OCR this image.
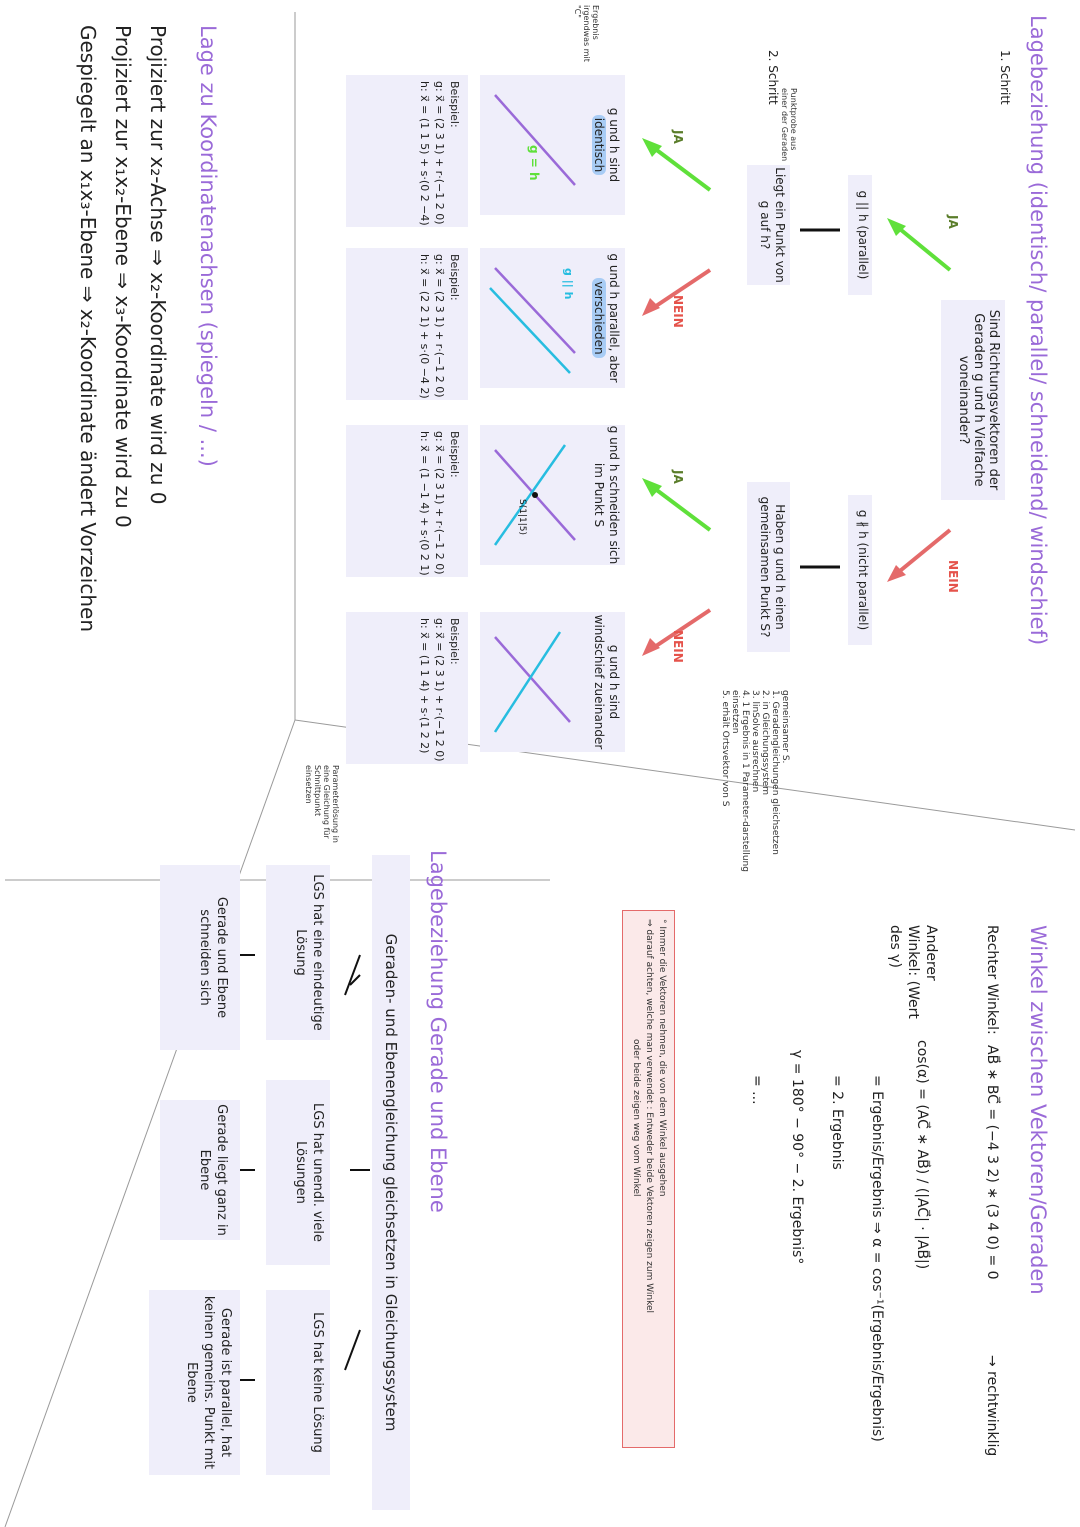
Lagebeziehung (identisch/ parallel/ schneidend/ windschief)
1. Schritt
2. Schritt
Sind Richtungsvektoren der Geraden g und h Vielfache voneinander?
JA
NEIN
g || h (parallel)
g ∦ h (nicht parallel)
Punktprobe aus einer der Geraden
Liegt ein Punkt von g auf h?
Haben g und h einen gemeinsamen Punkt S?
JA
NEIN
JA
NEIN
Ergebnis irgendwas mit "C"
gemeinsamer S.
1. Geradengleichungen gleichsetzen
2. in Gleichungssystem
3. linSolve ausrechnen
4. 1 Ergebnis in 1 Parameter-darstellung einsetzen
5. erhält Ortsvektor von S
g und h sind
identisch
g = h
g und h parallel, aber
verschieden
g || h
g und h schneiden sich im Punkt S
S(1|1|5)
g und h sind windschief zueinander
Beispiel:
g: x⃗ = (2 3 1) + r·(−1 2 0)
h: x⃗ = (1 1 5) + s·(0 2 −4)
Beispiel:
g: x⃗ = (2 3 1) + r·(−1 2 0)
h: x⃗ = (2 2 1) + s·(0 −4 2)
Beispiel:
g: x⃗ = (2 3 1) + r·(−1 2 0)
h: x⃗ = (1 −1 4) + s·(0 2 1)
Beispiel:
g: x⃗ = (2 3 1) + r·(−1 2 0)
h: x⃗ = (1 1 4) + s·(1 2 2)
Lage zu Koordinatenachsen (spiegeln / ...)
Projiziert zur x₂-Achse ⇒ x₂-Koordinate wird zu 0
Projiziert zur x₁x₂-Ebene ⇒ x₃-Koordinate wird zu 0
Gespiegelt an x₁x₃-Ebene ⇒ x₂-Koordinate ändert Vorzeichen
Winkel zwischen Vektoren/Geraden
Rechter Winkel:
AB⃗ ∗ BC⃗ = (−4 3 2) ∗ (3 4 0) = 0
→ rechtwinklig
Anderer Winkel: (Wert des γ)
cos(α) = (AC⃗ ∗ AB⃗) / (|AC⃗| · |AB⃗|)
= Ergebnis/Ergebnis ⇒ α = cos⁻¹(Ergebnis/Ergebnis)
= 2. Ergebnis
γ = 180° − 90° − 2. Ergebnis°
= ...
° Immer die Vektoren nehmen, die von dem Winkel ausgehen
⇒ darauf achten, welche man verwendet : Entweder beide Vektoren zeigen zum Winkel
oder beide zeigen weg vom Winkel
Lagebeziehung Gerade und Ebene
Geraden- und Ebenengleichung gleichsetzen in Gleichungssystem
Parameterlösung in eine Gleichung für Schnittpunkt einsetzen
LGS hat eine eindeutige Lösung
LGS hat unendl. viele Lösungen
LGS hat keine Lösung
Gerade und Ebene schneiden sich
Gerade liegt ganz in Ebene
Gerade ist parallel, hat keinen gemeins. Punkt mit Ebene
